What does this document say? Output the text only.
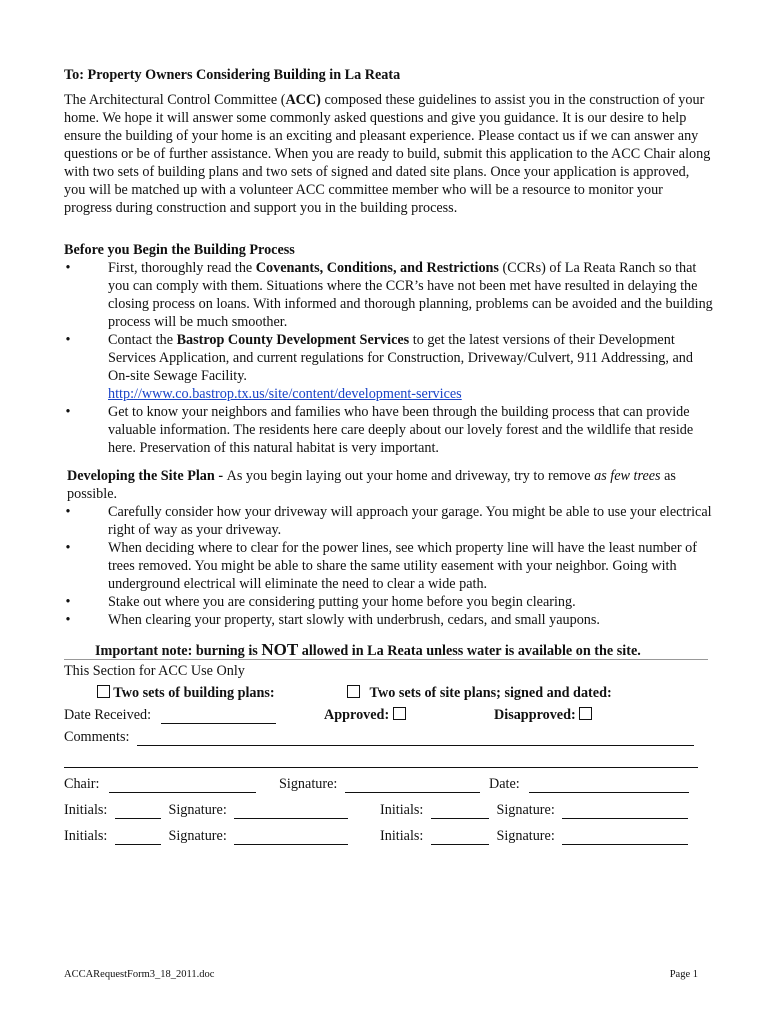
To: Property Owners Considering Building in La Reata

The Architectural Control Committee (ACC) composed these guidelines to assist you in the construction of your home. We hope it will answer some commonly asked questions and give you guidance. It is our desire to help ensure the building of your home is an exciting and pleasant experience. Please contact us if we can answer any questions or be of further assistance. When you are ready to build, submit this application to the ACC Chair along with two sets of building plans and two sets of signed and dated site plans. Once your application is approved, you will be matched up with a volunteer ACC committee member who will be a resource to monitor your progress during construction and support you in the building process.

Before you Begin the Building Process
•	First, thoroughly read the Covenants, Conditions, and Restrictions (CCRs) of La Reata Ranch so that you can comply with them. Situations where the CCR’s have not been met have resulted in delaying the closing process on loans. With informed and thorough planning, problems can be avoided and the building process will be much smoother.
•	Contact the Bastrop County Development Services to get the latest versions of their Development Services Application, and current regulations for Construction, Driveway/Culvert, 911 Addressing, and On-site Sewage Facility.
http://www.co.bastrop.tx.us/site/content/development-services
•	Get to know your neighbors and families who have been through the building process that can provide valuable information. The residents here care deeply about our lovely forest and the wildlife that reside here. Preservation of this natural habitat is very important.
Developing the Site Plan - As you begin laying out your home and driveway, try to remove as few trees as possible.
•	Carefully consider how your driveway will approach your garage. You might be able to use your electrical right of way as your driveway.
•	When deciding where to clear for the power lines, see which property line will have the least number of trees removed. You might be able to share the same utility easement with your neighbor. Going with underground electrical will eliminate the need to clear a wide path.
•	Stake out where you are considering putting your home before you begin clearing.
•	When clearing your property, start slowly with underbrush, cedars, and small yaupons.
Important note: burning is NOT allowed in La Reata unless water is available on the site.
This Section for ACC Use Only
Two sets of building plans:	Two sets of site plans; signed and dated:
Date Received:	Approved:	Disapproved:
Comments:
Chair:	Signature:	Date:
Initials:	Signature:	Initials:	Signature:
Initials:	Signature:	Initials:	Signature:
ACCARequestForm3_18_2011.doc	Page 1
